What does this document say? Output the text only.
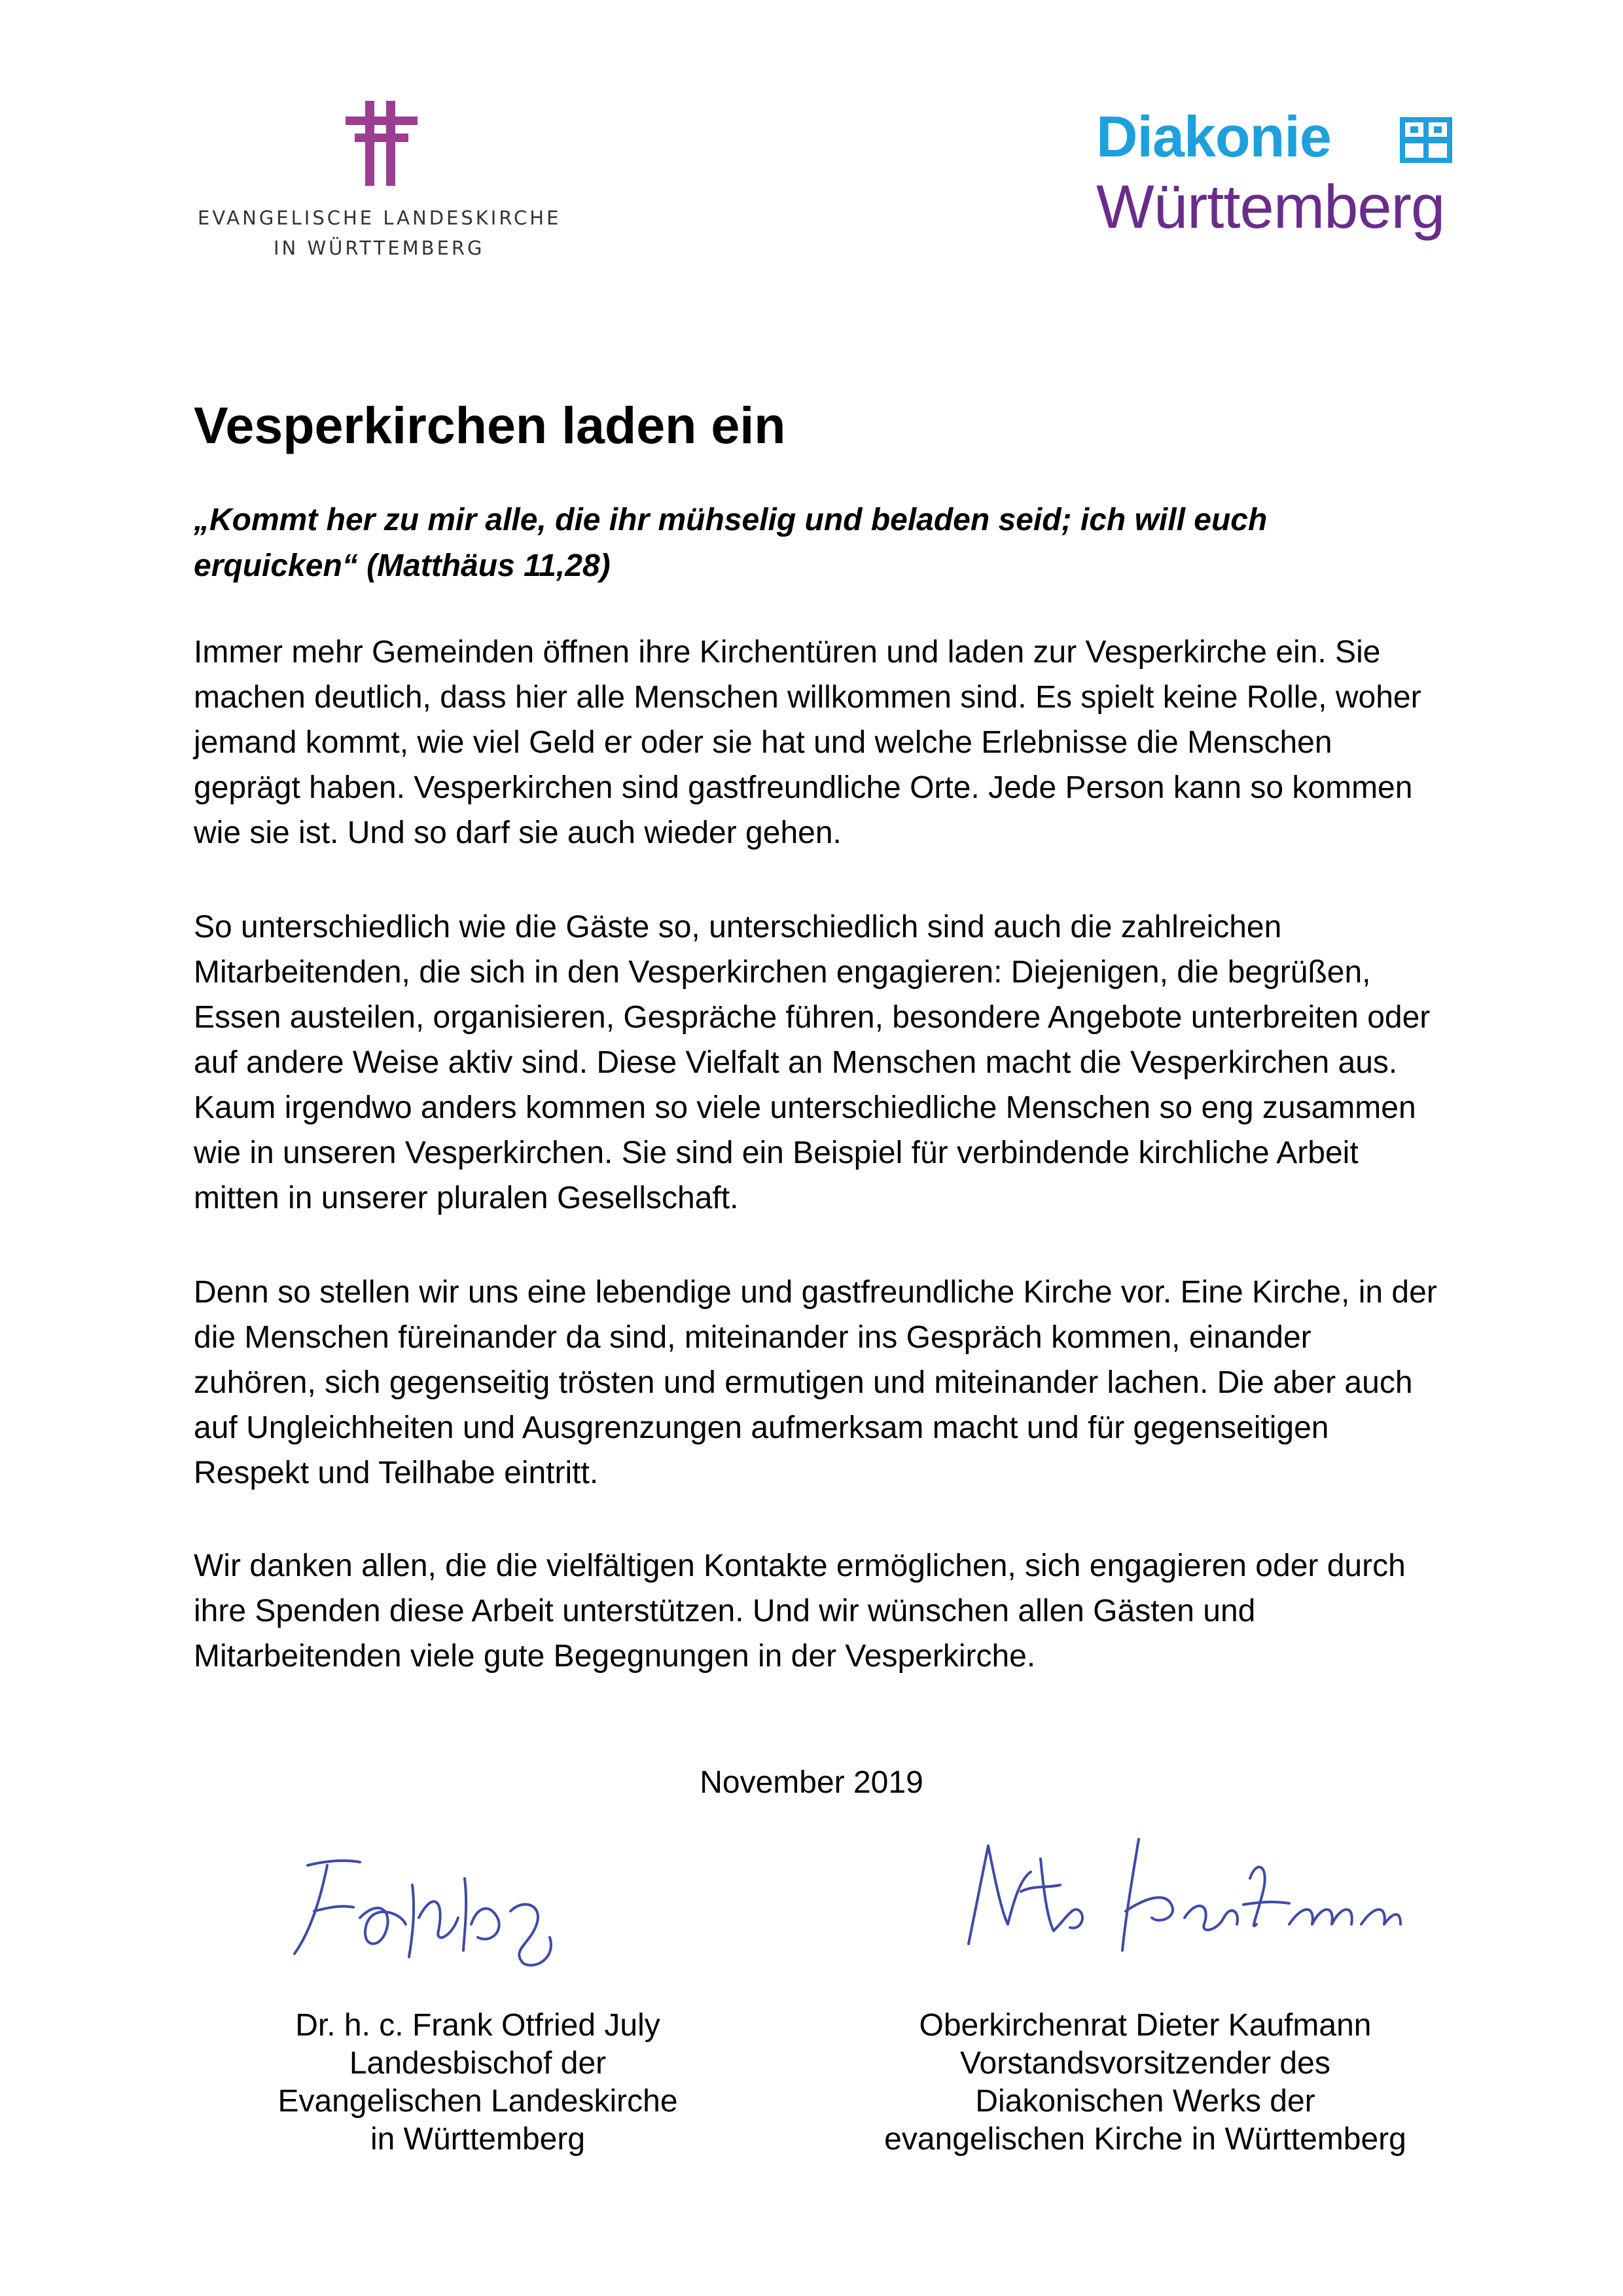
EVANGELISCHE LANDESKIRCHE
IN WÜRTTEMBERG
Diakonie
Württemberg
Vesperkirchen laden ein

„Kommt her zu mir alle, die ihr mühselig und beladen seid; ich will euch erquicken“ (Matthäus 11,28)

Immer mehr Gemeinden öffnen ihre Kirchentüren und laden zur Vesperkirche ein. Sie machen deutlich, dass hier alle Menschen willkommen sind. Es spielt keine Rolle, woher jemand kommt, wie viel Geld er oder sie hat und welche Erlebnisse die Menschen geprägt haben. Vesperkirchen sind gastfreundliche Orte. Jede Person kann so kommen wie sie ist. Und so darf sie auch wieder gehen.

So unterschiedlich wie die Gäste so, unterschiedlich sind auch die zahlreichen Mitarbeitenden, die sich in den Vesperkirchen engagieren: Diejenigen, die begrüßen, Essen austeilen, organisieren, Gespräche führen, besondere Angebote unterbreiten oder auf andere Weise aktiv sind. Diese Vielfalt an Menschen macht die Vesperkirchen aus. Kaum irgendwo anders kommen so viele unterschiedliche Menschen so eng zusammen wie in unseren Vesperkirchen. Sie sind ein Beispiel für verbindende kirchliche Arbeit mitten in unserer pluralen Gesellschaft.

Denn so stellen wir uns eine lebendige und gastfreundliche Kirche vor. Eine Kirche, in der die Menschen füreinander da sind, miteinander ins Gespräch kommen, einander zuhören, sich gegenseitig trösten und ermutigen und miteinander lachen. Die aber auch auf Ungleichheiten und Ausgrenzungen aufmerksam macht und für gegenseitigen Respekt und Teilhabe eintritt.

Wir danken allen, die die vielfältigen Kontakte ermöglichen, sich engagieren oder durch ihre Spenden diese Arbeit unterstützen. Und wir wünschen allen Gästen und Mitarbeitenden viele gute Begegnungen in der Vesperkirche.

November 2019
Dr. h. c. Frank Otfried July
Landesbischof der
Evangelischen Landeskirche
in Württemberg
Oberkirchenrat Dieter Kaufmann
Vorstandsvorsitzender des
Diakonischen Werks der
evangelischen Kirche in Württemberg
